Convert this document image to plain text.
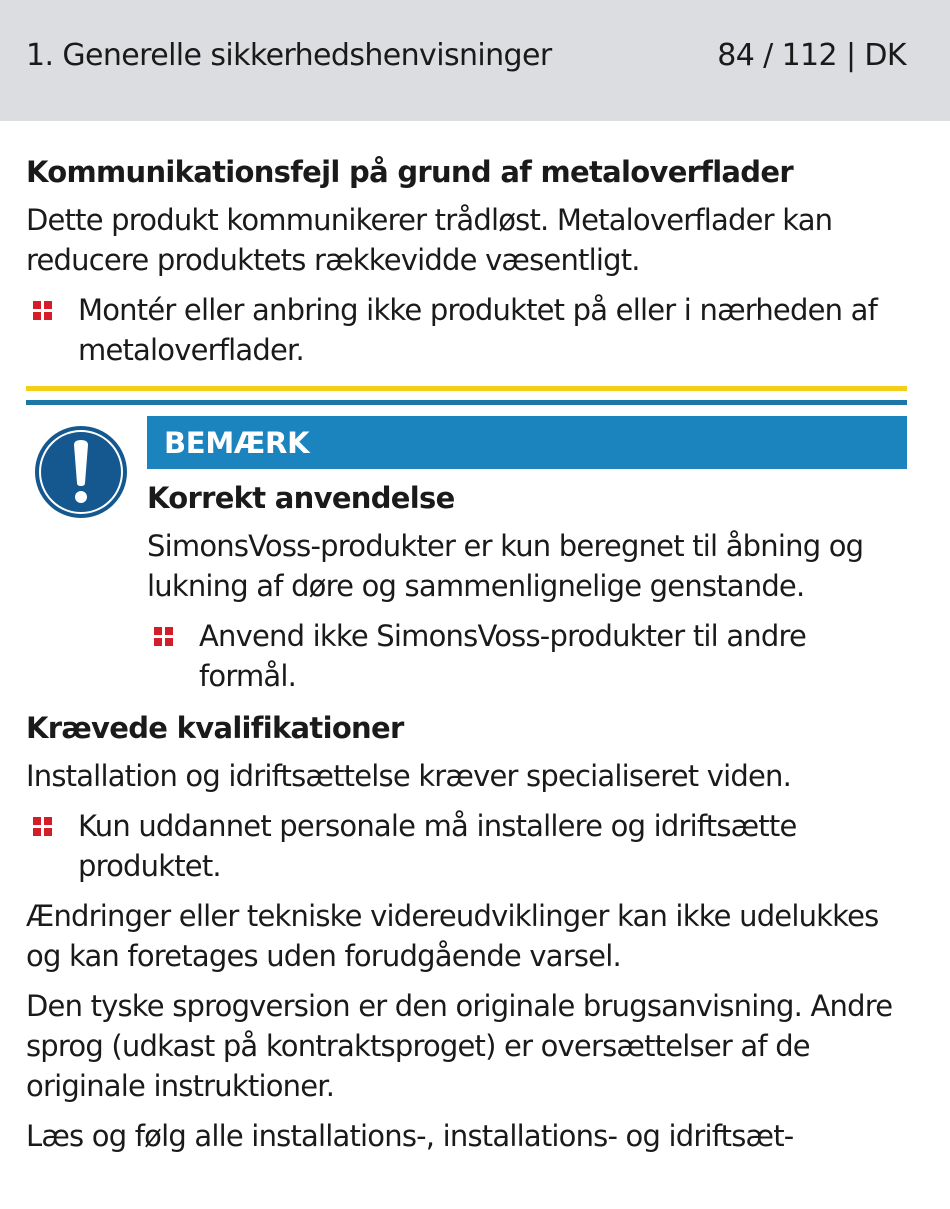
1. Generelle sikkerhedshenvisninger	84 / 112 | DK
Kommunikationsfejl på grund af metaloverflader
Dette produkt kommunikerer trådløst. Metaloverflader kan reducere produktets rækkevidde væsentligt.
Montér eller anbring ikke produktet på eller i nærheden af metaloverflader.
BEMÆRK
Korrekt anvendelse
SimonsVoss-produkter er kun beregnet til åbning og lukning af døre og sammenlignelige genstande.
Anvend ikke SimonsVoss-produkter til andre formål.
Krævede kvalifikationer
Installation og idriftsættelse kræver specialiseret viden.
Kun uddannet personale må installere og idriftsætte produktet.
Ændringer eller tekniske videreudviklinger kan ikke udelukkes og kan foretages uden forudgående varsel.
Den tyske sprogversion er den originale brugsanvisning. Andre sprog (udkast på kontraktsproget) er oversættelser af de originale instruktioner.
Læs og følg alle installations-, installations- og idriftsæt-
